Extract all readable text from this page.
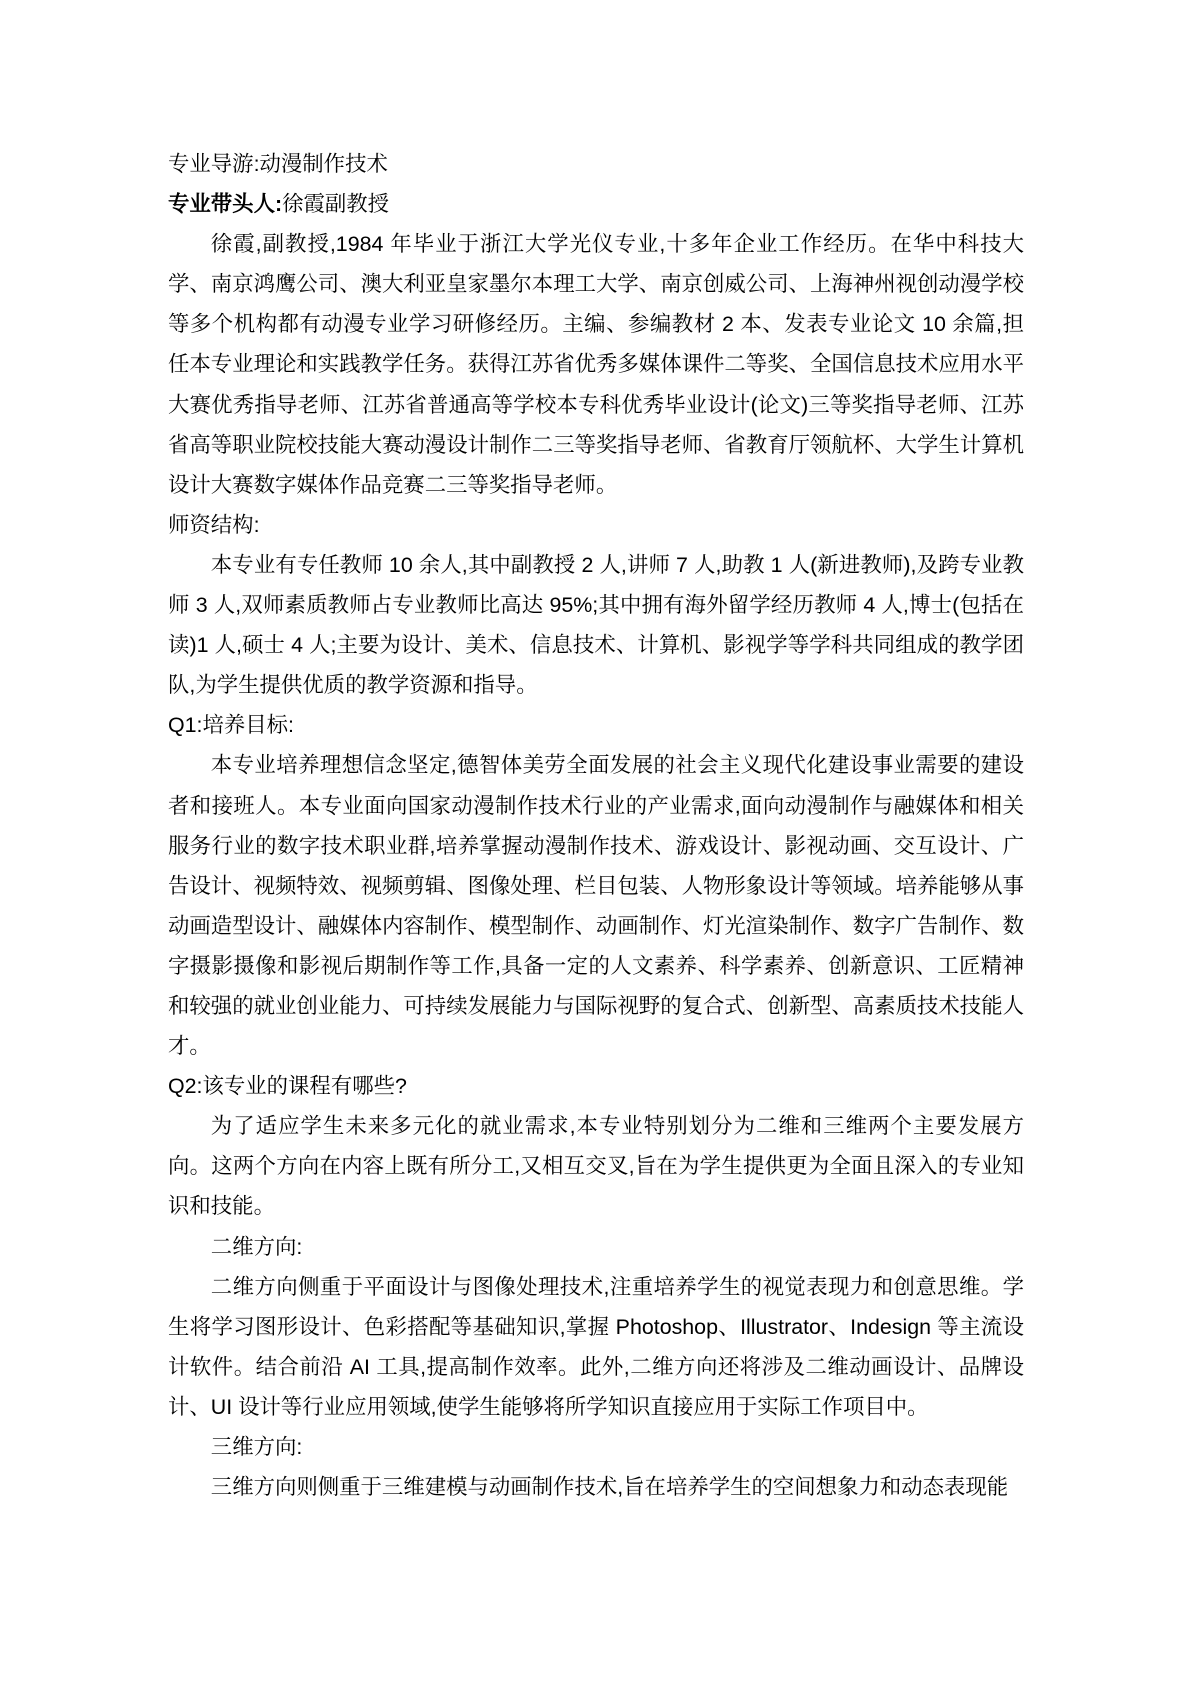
专业导游:动漫制作技术

专业带头人:徐霞副教授

徐霞,副教授,1984 年毕业于浙江大学光仪专业,十多年企业工作经历。在华中科技大学、南京鸿鹰公司、澳大利亚皇家墨尔本理工大学、南京创威公司、上海神州视创动漫学校等多个机构都有动漫专业学习研修经历。主编、参编教材 2 本、发表专业论文 10 余篇,担任本专业理论和实践教学任务。获得江苏省优秀多媒体课件二等奖、全国信息技术应用水平大赛优秀指导老师、江苏省普通高等学校本专科优秀毕业设计(论文)三等奖指导老师、江苏省高等职业院校技能大赛动漫设计制作二三等奖指导老师、省教育厅领航杯、大学生计算机设计大赛数字媒体作品竞赛二三等奖指导老师。

师资结构:

本专业有专任教师 10 余人,其中副教授 2 人,讲师 7 人,助教 1 人(新进教师),及跨专业教师 3 人,双师素质教师占专业教师比高达 95%;其中拥有海外留学经历教师 4 人,博士(包括在读)1 人,硕士 4 人;主要为设计、美术、信息技术、计算机、影视学等学科共同组成的教学团队,为学生提供优质的教学资源和指导。

Q1:培养目标:

本专业培养理想信念坚定,德智体美劳全面发展的社会主义现代化建设事业需要的建设者和接班人。本专业面向国家动漫制作技术行业的产业需求,面向动漫制作与融媒体和相关服务行业的数字技术职业群,培养掌握动漫制作技术、游戏设计、影视动画、交互设计、广告设计、视频特效、视频剪辑、图像处理、栏目包装、人物形象设计等领域。培养能够从事动画造型设计、融媒体内容制作、模型制作、动画制作、灯光渲染制作、数字广告制作、数字摄影摄像和影视后期制作等工作,具备一定的人文素养、科学素养、创新意识、工匠精神和较强的就业创业能力、可持续发展能力与国际视野的复合式、创新型、高素质技术技能人才。

Q2:该专业的课程有哪些?

为了适应学生未来多元化的就业需求,本专业特别划分为二维和三维两个主要发展方向。这两个方向在内容上既有所分工,又相互交叉,旨在为学生提供更为全面且深入的专业知识和技能。

二维方向:

二维方向侧重于平面设计与图像处理技术,注重培养学生的视觉表现力和创意思维。学生将学习图形设计、色彩搭配等基础知识,掌握 Photoshop、Illustrator、Indesign 等主流设计软件。结合前沿 AI 工具,提高制作效率。此外,二维方向还将涉及二维动画设计、品牌设计、UI 设计等行业应用领域,使学生能够将所学知识直接应用于实际工作项目中。

三维方向:

三维方向则侧重于三维建模与动画制作技术,旨在培养学生的空间想象力和动态表现能
